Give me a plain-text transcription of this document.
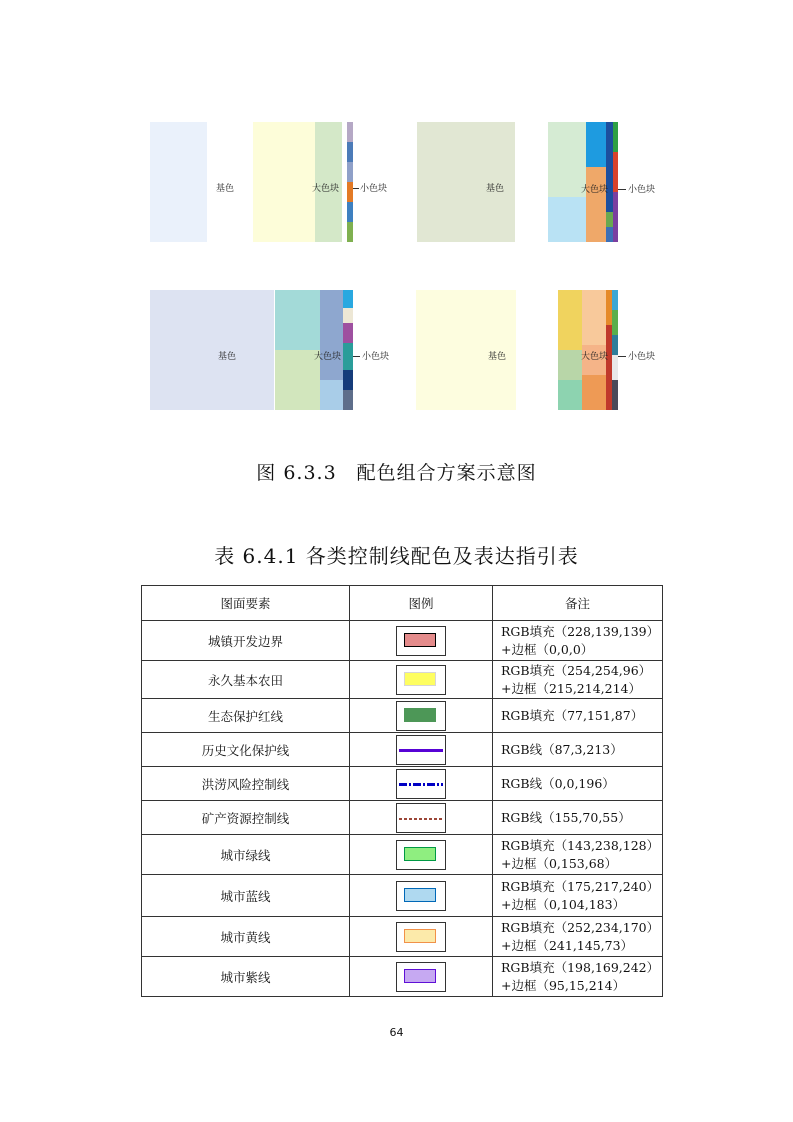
基色	大色块 小色块	基色	大色块 小色块
基色	大色块 小色块	基色	大色块 小色块
图 6.3.3　配色组合方案示意图
表 6.4.1 各类控制线配色及表达指引表
图面要素	图例	备注
城镇开发边界		RGB填充（228,139,139）
+边框（0,0,0）

永久基本农田		RGB填充（254,254,96）
+边框（215,214,214）

生态保护红线		RGB填充（77,151,87）

历史文化保护线		RGB线（87,3,213）

洪涝风险控制线		RGB线（0,0,196）

矿产资源控制线		RGB线（155,70,55）

城市绿线		RGB填充（143,238,128）
+边框（0,153,68）

城市蓝线		RGB填充（175,217,240）
+边框（0,104,183）

城市黄线		RGB填充（252,234,170）
+边框（241,145,73）

城市紫线		RGB填充（198,169,242）
+边框（95,15,214）
64
